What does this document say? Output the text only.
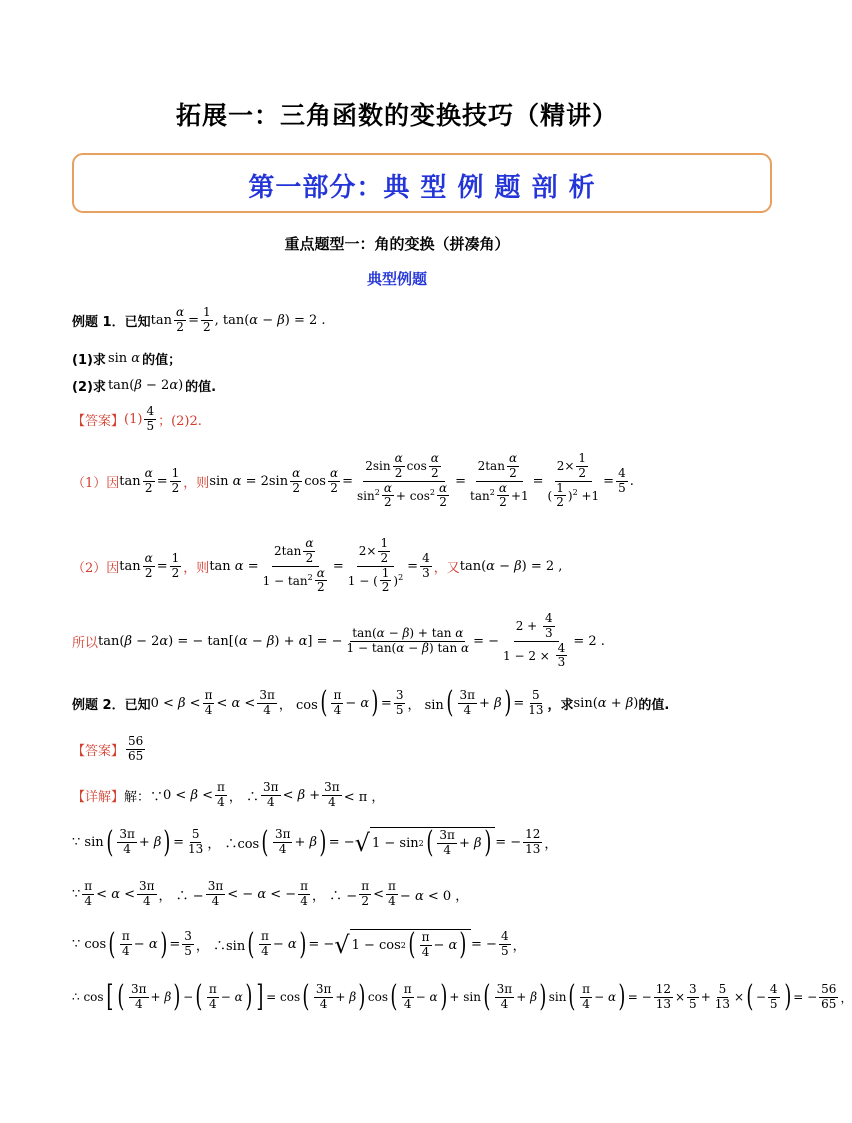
拓展一：三角函数的变换技巧（精讲）
第一部分：典 型 例 题 剖 析
重点题型一：角的变换（拼凑角）
典型例题
例题 1． 已知 $\tan \frac{\alpha}{2} = \frac{1}{2}$ , tan(α − β) = 2 .
(1)求 sin α 的值；
(2)求 tan(β − 2α) 的值.
【答案】 $(1) \frac{4}{5}$ ；(2)2.
（1）因 $\tan \frac{\alpha}{2} = \frac{1}{2}$ ，则 $\sin \alpha = 2\sin \frac{\alpha}{2}$ $\cos \frac{\alpha}{2} = \frac{2\sin \frac{\alpha}{2} \cos \frac{\alpha}{2}}{\sin^2 \frac{\alpha}{2} + \cos^2 \frac{\alpha}{2}} = \frac{2\tan \frac{\alpha}{2}}{\tan^2 \frac{\alpha}{2} +1} = \frac{2\times \frac{1}{2}}{( \frac{1}{2} )^2 +1} = \frac{4}{5}$ .
（2）因 $\tan \frac{\alpha}{2} = \frac{1}{2}$ ，则 $\tan \alpha = \frac{2\tan \frac{\alpha}{2}}{1 - \tan^2 \frac{\alpha}{2}} = \frac{2\times \frac{1}{2}}{1 - ( \frac{1}{2} )^2} = \frac{4}{3}$ ，又 tan(α − β) = 2 ,
所以 tan(β − 2α) = − tan[(α − β) + α] = − $\frac{\text{tan(α − β) + tan α}}{\text{1 − tan(α − β) tan α}}$ = − $\frac{2 + \frac{4}{3}}{1 - 2 \times \frac{4}{3}} = 2$ .
例题 2． 已知 $0 < \beta < \frac{\pi}{4} < \alpha < \frac{3\pi}{4}$ ， cos ( $\frac{\pi}{4} - \alpha$ ) = $\frac{3}{5}$ ， sin ( $\frac{3\pi}{4} + \beta$ ) = $\frac{5}{13}$ ，求 sin(α + β) 的值.
【答案】 $\frac{56}{65}$
【详解】 解：∵ $0 < \beta < \frac{\pi}{4}$ ， ∴ $\frac{3\pi}{4} < \beta + \frac{3\pi}{4} < \pi$ ，
∵ sin ( $\frac{3\pi}{4} + \beta$ ) = $\frac{5}{13}$ ， ∴cos ( $\frac{3\pi}{4} + \beta$ ) = − √ 1 − sin 2 ( $\frac{3\pi}{4} + \beta$ ) = − $\frac{12}{13}$ ，
∵ $\frac{\pi}{4} < \alpha < \frac{3\pi}{4}$ ， ∴ − $\frac{3\pi}{4}$ < − α < − $\frac{\pi}{4}$ ， ∴ − $\frac{\pi}{2} < \frac{\pi}{4} - \alpha < 0$ ，
∵ cos ( $\frac{\pi}{4} - \alpha$ ) = $\frac{3}{5}$ ， ∴sin ( $\frac{\pi}{4} - \alpha$ ) = − √ 1 − cos 2 ( $\frac{\pi}{4} - \alpha$ ) = − $\frac{4}{5}$ ，
∴ cos [ ( $\frac{3\pi}{4} + \beta$ ) − ( $\frac{\pi}{4} - \alpha$ ) ] = cos ( $\frac{3\pi}{4} + \beta$ ) cos ( $\frac{\pi}{4} - \alpha$ ) + sin ( $\frac{3\pi}{4} + \beta$ ) sin ( $\frac{\pi}{4} - \alpha$ ) = − $\frac{12}{13} \times \frac{3}{5} + \frac{5}{13}$ × ( − $\frac{4}{5}$ ) = − $\frac{56}{65}$ ，
